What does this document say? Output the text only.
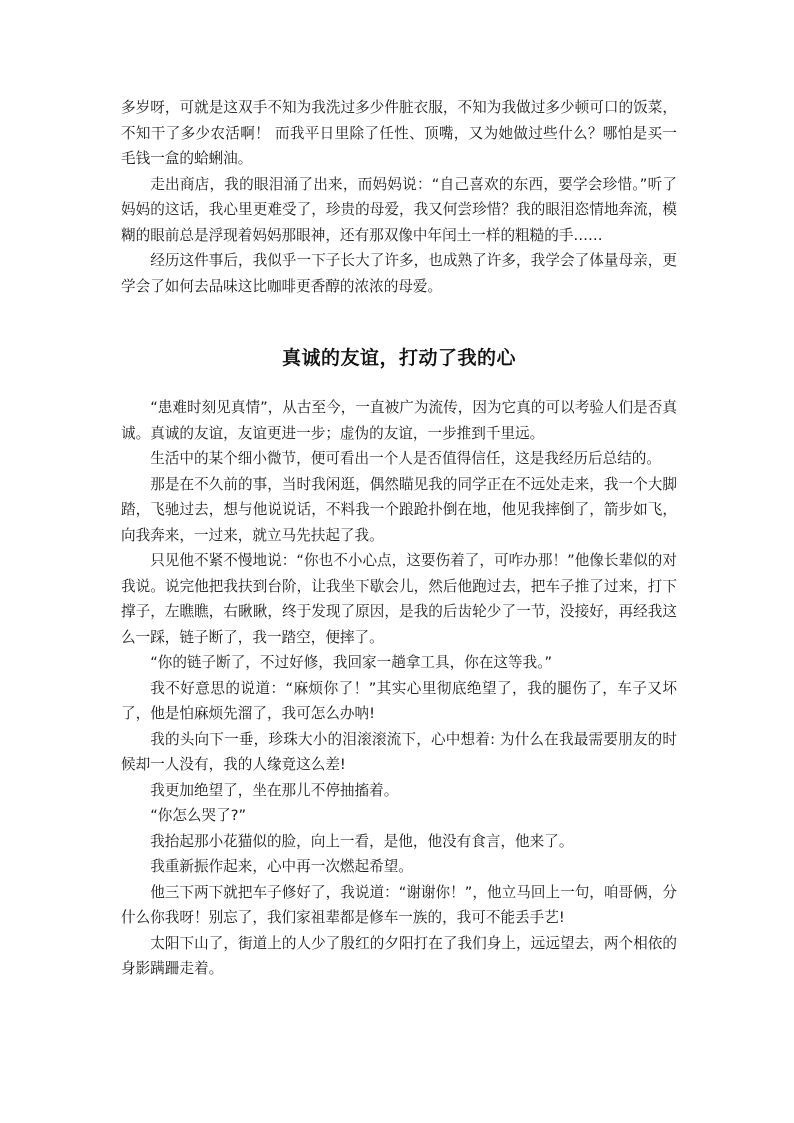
多岁呀，可就是这双手不知为我洗过多少件脏衣服，不知为我做过多少顿可口的饭菜，不知干了多少农活啊！ 而我平日里除了任性、顶嘴，又为她做过些什么？哪怕是买一毛钱一盒的蛤蜊油。

走出商店，我的眼泪涌了出来，而妈妈说：“自己喜欢的东西，要学会珍惜。”听了妈妈的这话，我心里更难受了，珍贵的母爱，我又何尝珍惜？我的眼泪恣情地奔流，模糊的眼前总是浮现着妈妈那眼神，还有那双像中年闰土一样的粗糙的手……

经历这件事后，我似乎一下子长大了许多，也成熟了许多，我学会了体量母亲，更学会了如何去品味这比咖啡更香醇的浓浓的母爱。

真诚的友谊，打动了我的心

“患难时刻见真情”，从古至今，一直被广为流传，因为它真的可以考验人们是否真诚。真诚的友谊，友谊更进一步；虚伪的友谊，一步推到千里远。

生活中的某个细小微节，便可看出一个人是否值得信任，这是我经历后总结的。

那是在不久前的事，当时我闲逛，偶然瞄见我的同学正在不远处走来，我一个大脚踏，飞驰过去，想与他说说话，不料我一个踉跄扑倒在地，他见我摔倒了，箭步如飞，向我奔来，一过来，就立马先扶起了我。

只见他不紧不慢地说：“你也不小心点，这要伤着了，可咋办那！”他像长辈似的对我说。说完他把我扶到台阶，让我坐下歇会儿，然后他跑过去，把车子推了过来，打下撑子，左瞧瞧，右瞅瞅，终于发现了原因，是我的后齿轮少了一节，没接好，再经我这么一踩，链子断了，我一踏空，便摔了。

“你的链子断了，不过好修，我回家一趟拿工具，你在这等我。”

我不好意思的说道：“麻烦你了！”其实心里彻底绝望了，我的腿伤了，车子又坏了，他是怕麻烦先溜了，我可怎么办呐!

我的头向下一垂，珍珠大小的泪滚滚流下，心中想着: 为什么在我最需要朋友的时候却一人没有，我的人缘竟这么差!

我更加绝望了，坐在那儿不停抽搐着。

“你怎么哭了?”

我抬起那小花猫似的脸，向上一看，是他，他没有食言，他来了。

我重新振作起来，心中再一次燃起希望。

他三下两下就把车子修好了，我说道：“谢谢你！”，他立马回上一句，咱哥俩，分什么你我呀！别忘了，我们家祖辈都是修车一族的，我可不能丢手艺!

太阳下山了，街道上的人少了殷红的夕阳打在了我们身上，远远望去，两个相依的身影蹒跚走着。
